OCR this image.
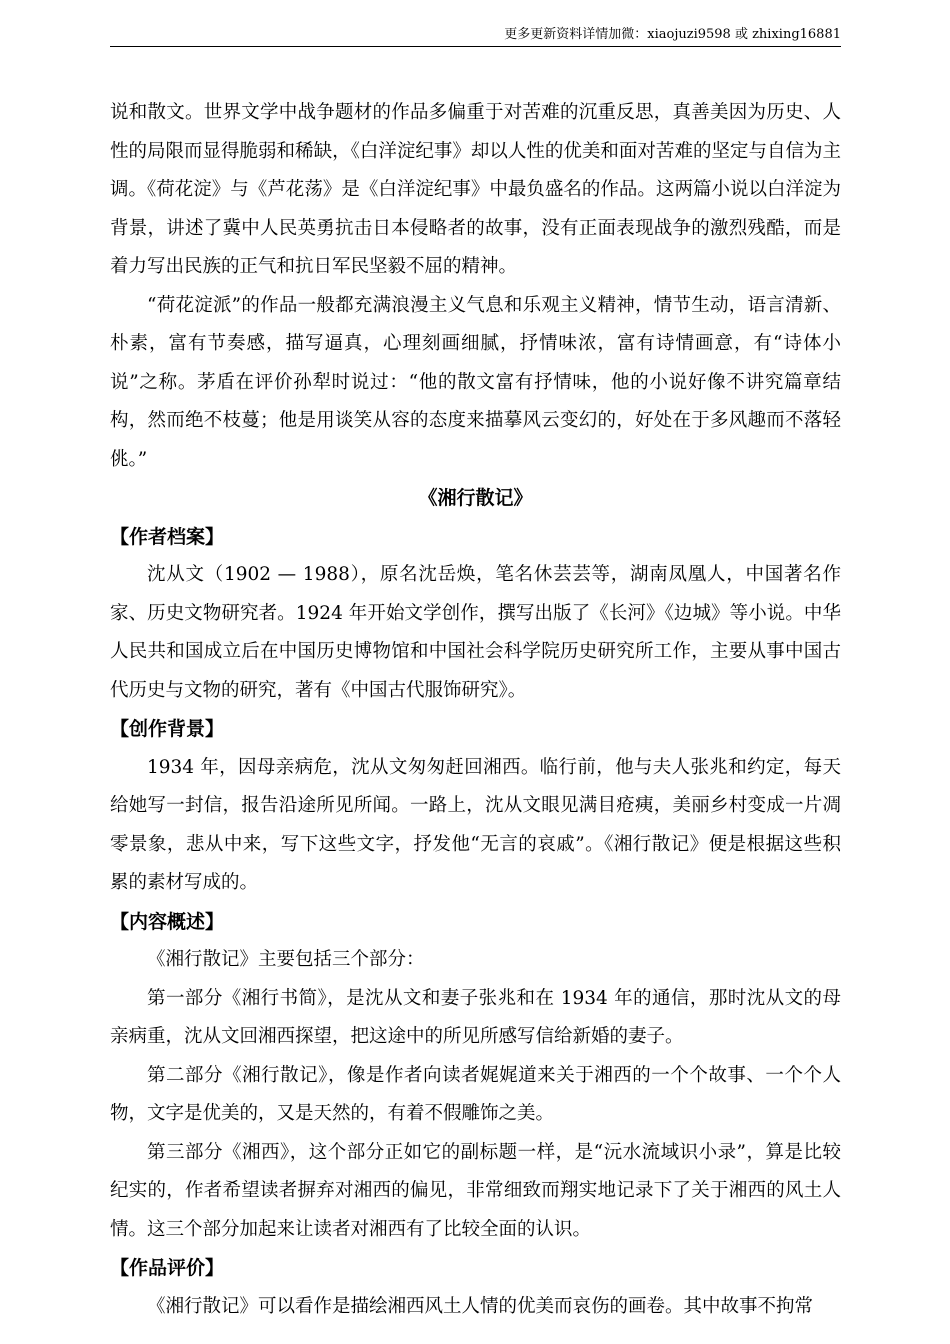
更多更新资料详情加微：xiaojuzi9598 或 zhixing16881

说和散文。世界文学中战争题材的作品多偏重于对苦难的沉重反思，真善美因为历史、人性的局限而显得脆弱和稀缺，《白洋淀纪事》却以人性的优美和面对苦难的坚定与自信为主调。《荷花淀》与《芦花荡》是《白洋淀纪事》中最负盛名的作品。这两篇小说以白洋淀为背景，讲述了冀中人民英勇抗击日本侵略者的故事，没有正面表现战争的激烈残酷，而是着力写出民族的正气和抗日军民坚毅不屈的精神。

“荷花淀派”的作品一般都充满浪漫主义气息和乐观主义精神，情节生动，语言清新、朴素，富有节奏感，描写逼真，心理刻画细腻，抒情味浓，富有诗情画意，有“诗体小说”之称。茅盾在评价孙犁时说过：“他的散文富有抒情味，他的小说好像不讲究篇章结构，然而绝不枝蔓；他是用谈笑从容的态度来描摹风云变幻的，好处在于多风趣而不落轻佻。”

《湘行散记》
【作者档案】

沈从文（1902 — 1988），原名沈岳焕，笔名休芸芸等，湖南凤凰人，中国著名作家、历史文物研究者。1924 年开始文学创作，撰写出版了《长河》《边城》等小说。中华人民共和国成立后在中国历史博物馆和中国社会科学院历史研究所工作，主要从事中国古代历史与文物的研究，著有《中国古代服饰研究》。

【创作背景】

1934 年，因母亲病危，沈从文匆匆赶回湘西。临行前，他与夫人张兆和约定，每天给她写一封信，报告沿途所见所闻。一路上，沈从文眼见满目疮痍，美丽乡村变成一片凋零景象，悲从中来，写下这些文字，抒发他“无言的哀戚”。《湘行散记》便是根据这些积累的素材写成的。

【内容概述】

《湘行散记》主要包括三个部分：

第一部分《湘行书简》，是沈从文和妻子张兆和在 1934 年的通信，那时沈从文的母亲病重，沈从文回湘西探望，把这途中的所见所感写信给新婚的妻子。

第二部分《湘行散记》，像是作者向读者娓娓道来关于湘西的一个个故事、一个个人物，文字是优美的，又是天然的，有着不假雕饰之美。

第三部分《湘西》，这个部分正如它的副标题一样，是“沅水流域识小录”，算是比较纪实的，作者希望读者摒弃对湘西的偏见，非常细致而翔实地记录下了关于湘西的风土人情。这三个部分加起来让读者对湘西有了比较全面的认识。

【作品评价】

《湘行散记》可以看作是描绘湘西风土人情的优美而哀伤的画卷。其中故事不拘常
